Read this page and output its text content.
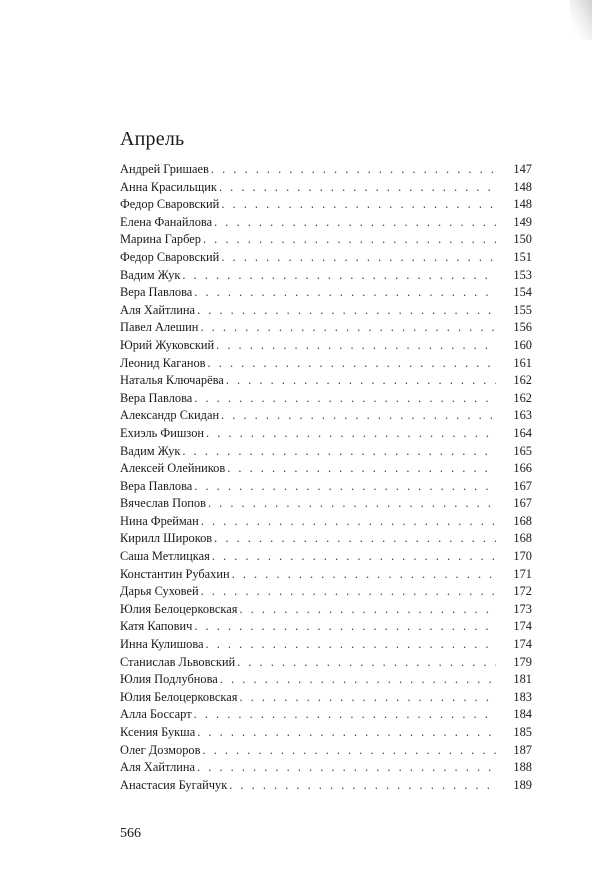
Апрель
Андрей Гришаев . . .	147
Анна Красильщик . . .	148
Федор Сваровский . . .	148
Елена Фанайлова . . .	149
Марина Гарбер . . .	150
Федор Сваровский . . .	151
Вадим Жук . . .	153
Вера Павлова . . .	154
Аля Хайтлина . . .	155
Павел Алешин . . .	156
Юрий Жуковский . . .	160
Леонид Каганов . . .	161
Наталья Ключарёва . . .	162
Вера Павлова . . .	162
Александр Скидан . . .	163
Ехиэль Фишзон . . .	164
Вадим Жук . . .	165
Алексей Олейников . . .	166
Вера Павлова . . .	167
Вячеслав Попов . . .	167
Нина Фрейман . . .	168
Кирилл Широков . . .	168
Саша Метлицкая . . .	170
Константин Рубахин . . .	171
Дарья Суховей . . .	172
Юлия Белоцерковская . . .	173
Катя Капович . . .	174
Инна Кулишова . . .	174
Станислав Львовский . . .	179
Юлия Подлубнова . . .	181
Юлия Белоцерковская . . .	183
Алла Боссарт . . .	184
Ксения Букша . . .	185
Олег Дозморов . . .	187
Аля Хайтлина . . .	188
Анастасия Бугайчук . . .	189
566
